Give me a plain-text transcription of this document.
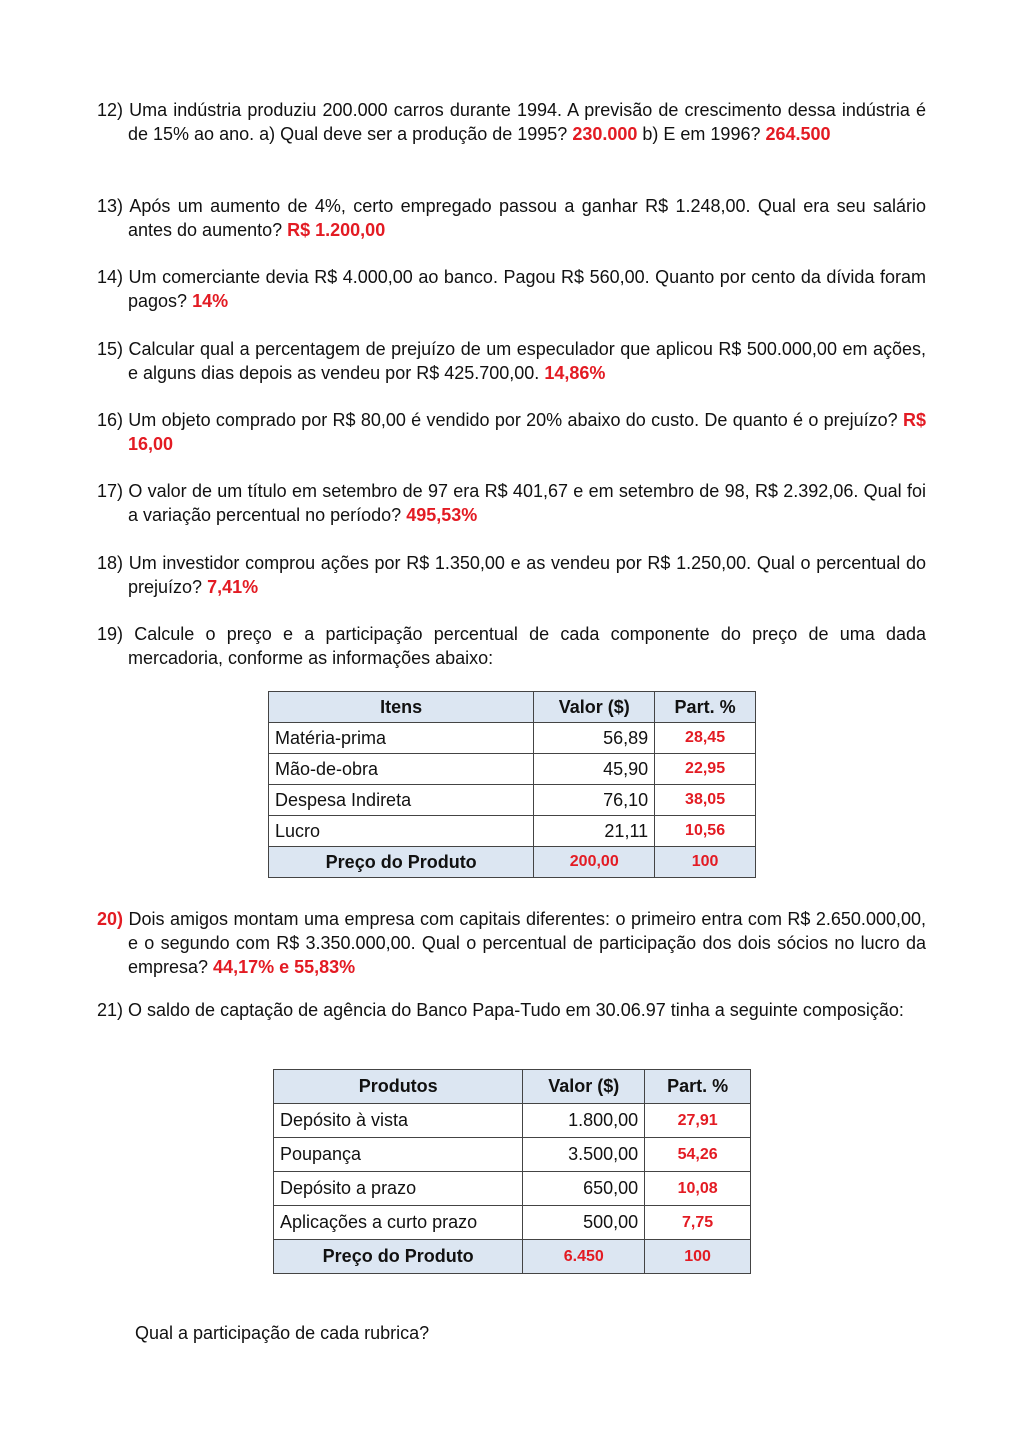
12) Uma indústria produziu 200.000 carros durante 1994. A previsão de crescimento dessa indústria é de 15% ao ano. a) Qual deve ser a produção de 1995? 230.000 b) E em 1996? 264.500

13) Após um aumento de 4%, certo empregado passou a ganhar R$ 1.248,00. Qual era seu salário antes do aumento? R$ 1.200,00

14) Um comerciante devia R$ 4.000,00 ao banco. Pagou R$ 560,00. Quanto por cento da dívida foram pagos? 14%

15) Calcular qual a percentagem de prejuízo de um especulador que aplicou R$ 500.000,00 em ações, e alguns dias depois as vendeu por R$ 425.700,00. 14,86%

16) Um objeto comprado por R$ 80,00 é vendido por 20% abaixo do custo. De quanto é o prejuízo? R$ 16,00

17) O valor de um título em setembro de 97 era R$ 401,67 e em setembro de 98, R$ 2.392,06. Qual foi a variação percentual no período? 495,53%

18) Um investidor comprou ações por R$ 1.350,00 e as vendeu por R$ 1.250,00. Qual o percentual do prejuízo? 7,41%

19) Calcule o preço e a participação percentual de cada componente do preço de uma dada mercadoria, conforme as informações abaixo:

Itens	Valor ($)	Part. %
Matéria-prima	56,89	28,45
Mão-de-obra	45,90	22,95
Despesa Indireta	76,10	38,05
Lucro	21,11	10,56
Preço do Produto	200,00	100

20) Dois amigos montam uma empresa com capitais diferentes: o primeiro entra com R$ 2.650.000,00, e o segundo com R$ 3.350.000,00. Qual o percentual de participação dos dois sócios no lucro da empresa? 44,17% e 55,83%

21) O saldo de captação de agência do Banco Papa-Tudo em 30.06.97 tinha a seguinte composição:

Produtos	Valor ($)	Part. %
Depósito à vista	1.800,00	27,91
Poupança	3.500,00	54,26
Depósito a prazo	650,00	10,08
Aplicações a curto prazo	500,00	7,75
Preço do Produto	6.450	100
Qual a participação de cada rubrica?
